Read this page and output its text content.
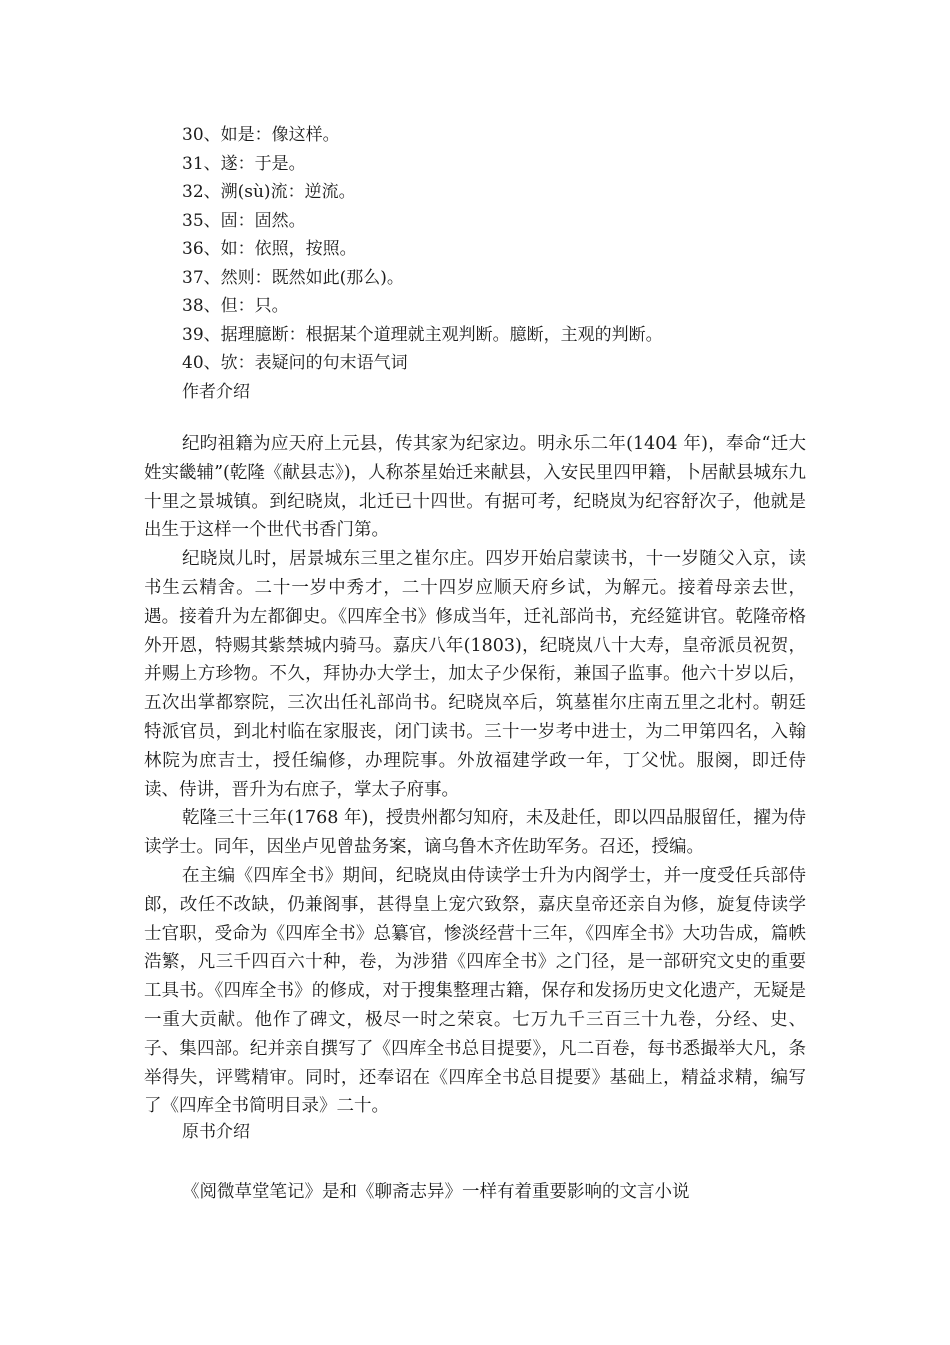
30、如是：像这样。
31、遂：于是。
32、溯(sù)流：逆流。
35、固：固然。
36、如：依照，按照。
37、然则：既然如此(那么)。
38、但：只。
39、据理臆断：根据某个道理就主观判断。臆断，主观的判断。
40、欤：表疑问的句末语气词
作者介绍

纪昀祖籍为应天府上元县，传其家为纪家边。明永乐二年(1404 年)，奉命“迁大姓实畿辅”(乾隆《献县志》)，人称茶星始迁来献县，入安民里四甲籍，卜居献县城东九十里之景城镇。到纪晓岚，北迁已十四世。有据可考，纪晓岚为纪容舒次子，他就是出生于这样一个世代书香门第。

纪晓岚儿时，居景城东三里之崔尔庄。四岁开始启蒙读书，十一岁随父入京，读书生云精舍。二十一岁中秀才，二十四岁应顺天府乡试，为解元。接着母亲去世，遇。接着升为左都御史。《四库全书》修成当年，迁礼部尚书，充经筵讲官。乾隆帝格外开恩，特赐其紫禁城内骑马。嘉庆八年(1803)，纪晓岚八十大寿，皇帝派员祝贺，并赐上方珍物。不久，拜协办大学士，加太子少保衔，兼国子监事。他六十岁以后，五次出掌都察院，三次出任礼部尚书。纪晓岚卒后，筑墓崔尔庄南五里之北村。朝廷特派官员，到北村临在家服丧，闭门读书。三十一岁考中进士，为二甲第四名，入翰林院为庶吉士，授任编修，办理院事。外放福建学政一年，丁父忧。服阕，即迁侍读、侍讲，晋升为右庶子，掌太子府事。

乾隆三十三年(1768 年)，授贵州都匀知府，未及赴任，即以四品服留任，擢为侍读学士。同年，因坐卢见曾盐务案，谪乌鲁木齐佐助军务。召还，授编。

在主编《四库全书》期间，纪晓岚由侍读学士升为内阁学士，并一度受任兵部侍郎，改任不改缺，仍兼阁事，甚得皇上宠穴致祭，嘉庆皇帝还亲自为修，旋复侍读学士官职，受命为《四库全书》总纂官，惨淡经营十三年，《四库全书》大功告成，篇帙浩繁，凡三千四百六十种，卷，为涉猎《四库全书》之门径，是一部研究文史的重要工具书。《四库全书》的修成，对于搜集整理古籍，保存和发扬历史文化遗产，无疑是一重大贡献。他作了碑文，极尽一时之荣哀。七万九千三百三十九卷，分经、史、子、集四部。纪并亲自撰写了《四库全书总目提要》，凡二百卷，每书悉撮举大凡，条举得失，评骘精审。同时，还奉诏在《四库全书总目提要》基础上，精益求精，编写了《四库全书简明目录》二十。

原书介绍
《阅微草堂笔记》是和《聊斋志异》一样有着重要影响的文言小说
